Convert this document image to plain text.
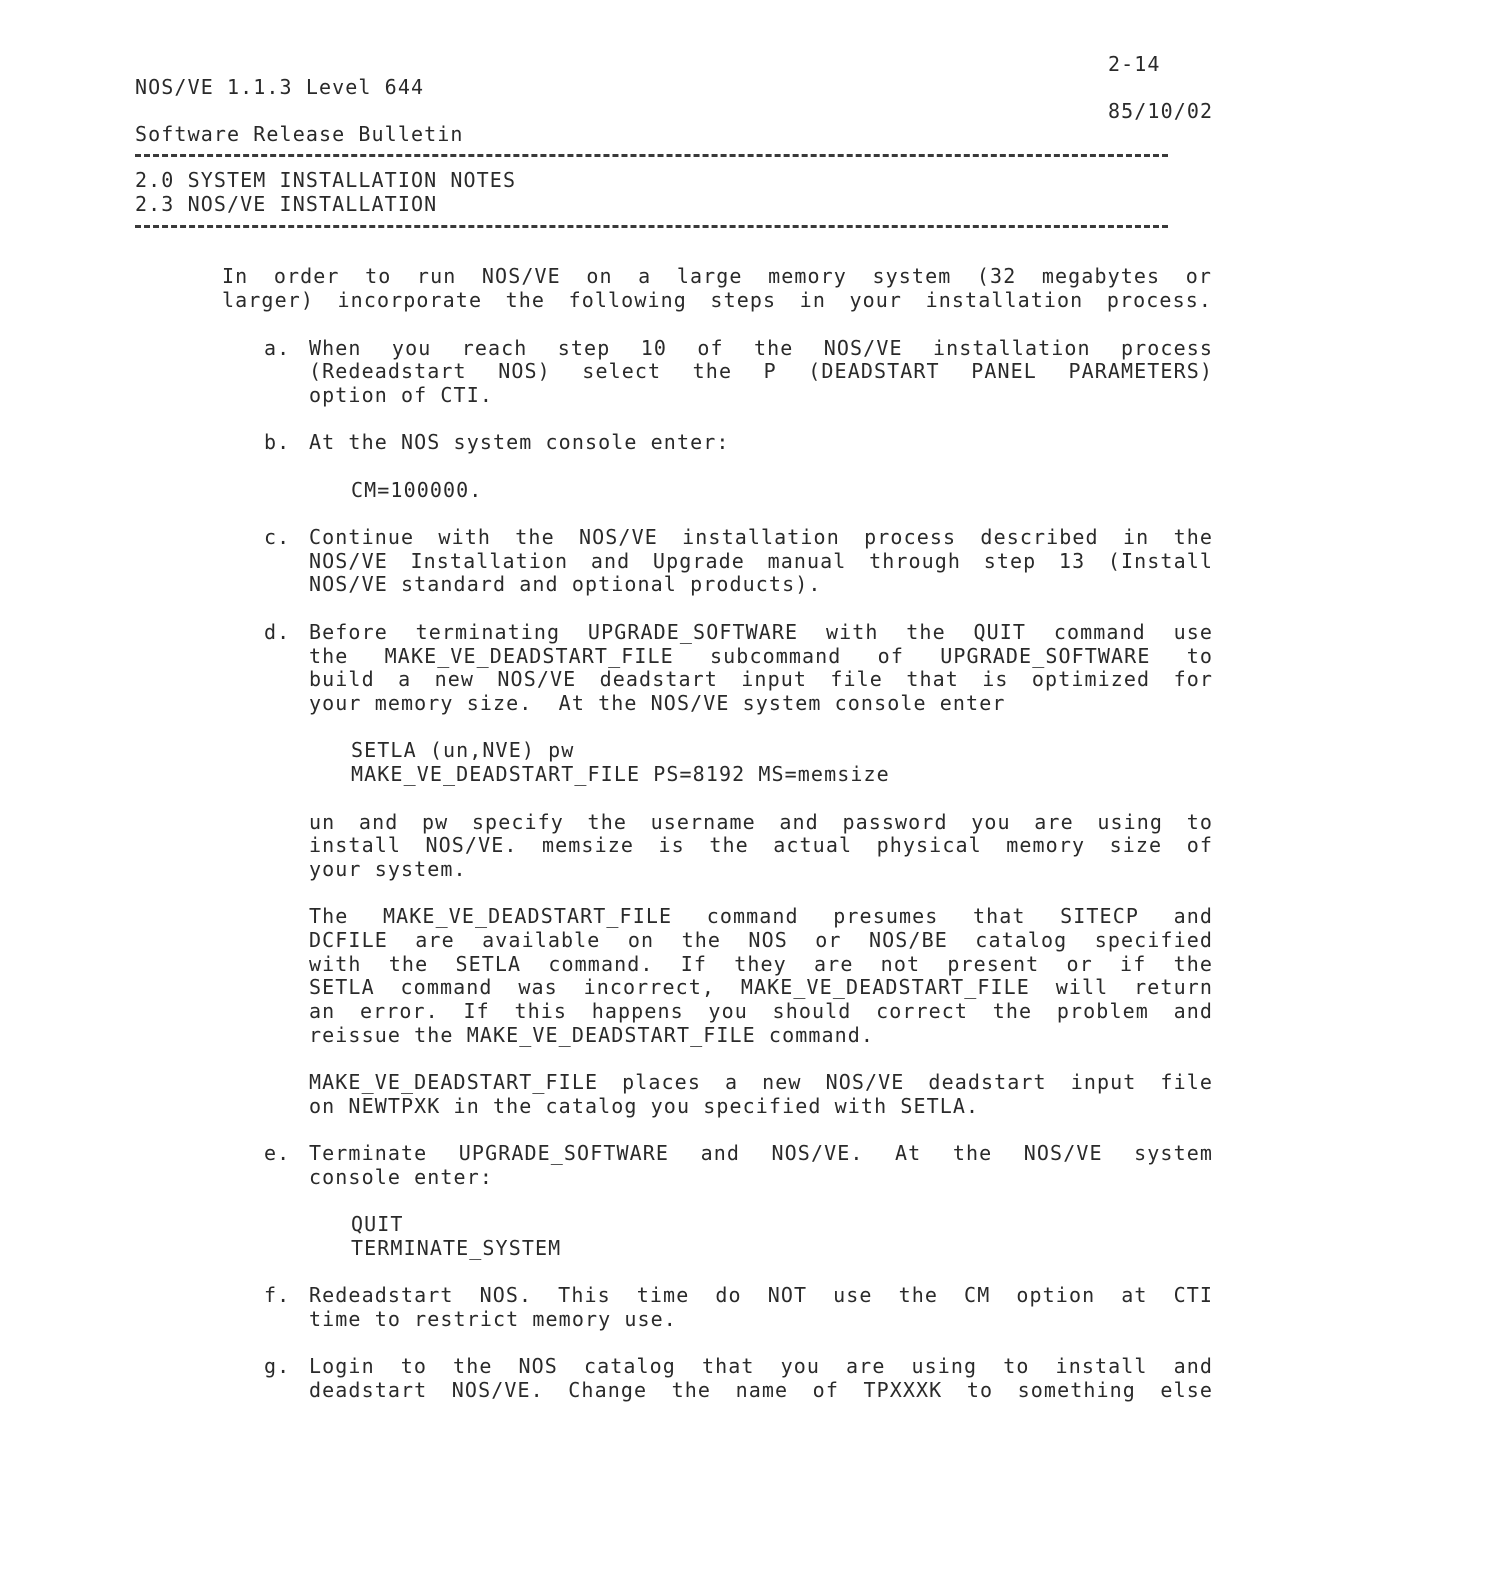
2-14
NOS/VE 1.1.3 Level 644
85/10/02
Software Release Bulletin
2.0 SYSTEM INSTALLATION NOTES
2.3 NOS/VE INSTALLATION
In order to run NOS/VE on a large memory system (32 megabytes or
larger) incorporate the following steps in your installation process.
a. When you reach step 10 of the NOS/VE installation process
(Redeadstart NOS) select the P (DEADSTART PANEL PARAMETERS)
option of CTI.
b. At the NOS system console enter:
CM=100000.
c. Continue with the NOS/VE installation process described in the
NOS/VE Installation and Upgrade manual through step 13 (Install
NOS/VE standard and optional products).
d. Before terminating UPGRADE_SOFTWARE with the QUIT command use
the MAKE_VE_DEADSTART_FILE subcommand of UPGRADE_SOFTWARE to
build a new NOS/VE deadstart input file that is optimized for
your memory size.  At the NOS/VE system console enter
SETLA (un,NVE) pw
MAKE_VE_DEADSTART_FILE PS=8192 MS=memsize
un and pw specify the username and password you are using to
install NOS/VE. memsize is the actual physical memory size of
your system.
The MAKE_VE_DEADSTART_FILE command presumes that SITECP and
DCFILE are available on the NOS or NOS/BE catalog specified
with the SETLA command. If they are not present or if the
SETLA command was incorrect, MAKE_VE_DEADSTART_FILE will return
an error. If this happens you should correct the problem and
reissue the MAKE_VE_DEADSTART_FILE command.
MAKE_VE_DEADSTART_FILE places a new NOS/VE deadstart input file
on NEWTPXK in the catalog you specified with SETLA.
e. Terminate UPGRADE_SOFTWARE and NOS/VE. At the NOS/VE system
console enter:
QUIT
TERMINATE_SYSTEM
f. Redeadstart NOS. This time do NOT use the CM option at CTI
time to restrict memory use.
g. Login to the NOS catalog that you are using to install and
deadstart NOS/VE. Change the name of TPXXXK to something else
